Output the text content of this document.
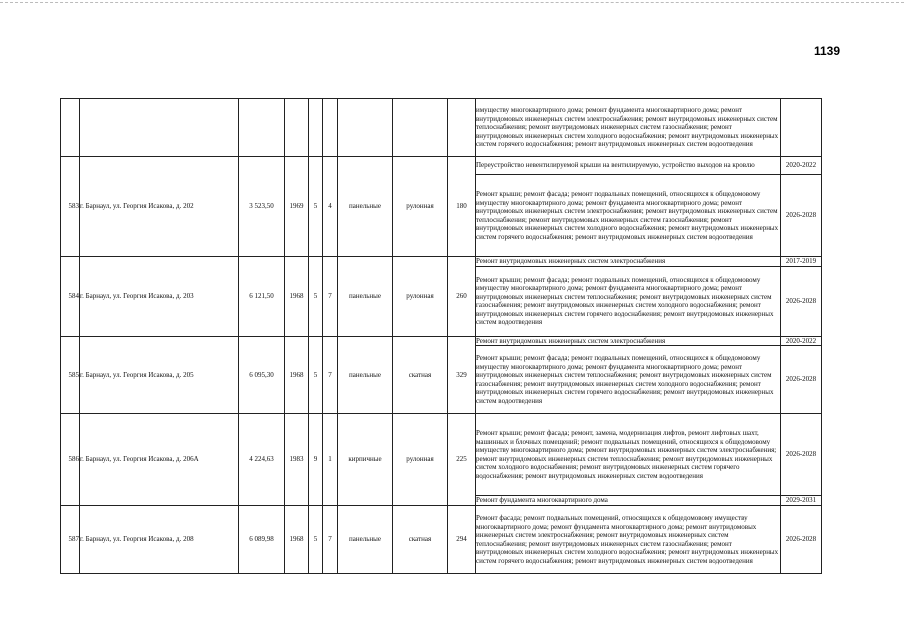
1139
									имуществу многоквартирного дома; ремонт фундамента многоквартирного дома; ремонт внутридомовых инженерных систем электроснабжения; ремонт внутридомовых инженерных систем теплоснабжения; ремонт внутридомовых инженерных систем газоснабжения; ремонт внутридомовых инженерных систем холодного водоснабжения; ремонт внутридомовых инженерных систем горячего водоснабжения; ремонт внутридомовых инженерных систем водоотведения	
583	г. Барнаул, ул. Георгия Исакова, д. 202	3 523,50	1969	5	4	панельные	рулонная	180	Переустройство невентилируемой крыши на вентилируемую, устройство выходов на кровлю	2020-2022
									Ремонт крыши; ремонт фасада; ремонт подвальных помещений, относящихся к общедомовому имуществу многоквартирного дома; ремонт фундамента многоквартирного дома; ремонт внутридомовых инженерных систем электроснабжения; ремонт внутридомовых инженерных систем теплоснабжения; ремонт внутридомовых инженерных систем газоснабжения; ремонт внутридомовых инженерных систем холодного водоснабжения; ремонт внутридомовых инженерных систем горячего водоснабжения; ремонт внутридомовых инженерных систем водоотведения	2026-2028
584	г. Барнаул, ул. Георгия Исакова, д. 203	6 121,50	1968	5	7	панельные	рулонная	260	Ремонт внутридомовых инженерных систем электроснабжения	2017-2019
									Ремонт крыши; ремонт фасада; ремонт подвальных помещений, относящихся к общедомовому имуществу многоквартирного дома; ремонт фундамента многоквартирного дома; ремонт внутридомовых инженерных систем теплоснабжения; ремонт внутридомовых инженерных систем газоснабжения; ремонт внутридомовых инженерных систем холодного водоснабжения; ремонт внутридомовых инженерных систем горячего водоснабжения; ремонт внутридомовых инженерных систем водоотведения	2026-2028
585	г. Барнаул, ул. Георгия Исакова, д. 205	6 095,30	1968	5	7	панельные	скатная	329	Ремонт внутридомовых инженерных систем электроснабжения	2020-2022
									Ремонт крыши; ремонт фасада; ремонт подвальных помещений, относящихся к общедомовому имуществу многоквартирного дома; ремонт фундамента многоквартирного дома; ремонт внутридомовых инженерных систем теплоснабжения; ремонт внутридомовых инженерных систем газоснабжения; ремонт внутридомовых инженерных систем холодного водоснабжения; ремонт внутридомовых инженерных систем горячего водоснабжения; ремонт внутридомовых инженерных систем водоотведения	2026-2028
586	г. Барнаул, ул. Георгия Исакова, д. 206А	4 224,63	1983	9	1	кирпичные	рулонная	225	Ремонт крыши; ремонт фасада; ремонт, замена, модернизация лифтов, ремонт лифтовых шахт, машинных и блочных помещений; ремонт подвальных помещений, относящихся к общедомовому имуществу многоквартирного дома; ремонт внутридомовых инженерных систем электроснабжения; ремонт внутридомовых инженерных систем теплоснабжения; ремонт внутридомовых инженерных систем холодного водоснабжения; ремонт внутридомовых инженерных систем горячего водоснабжения; ремонт внутридомовых инженерных систем водоотведения	2026-2028
									Ремонт фундамента многоквартирного дома	2029-2031
587	г. Барнаул, ул. Георгия Исакова, д. 208	6 089,98	1968	5	7	панельные	скатная	294	Ремонт фасада; ремонт подвальных помещений, относящихся к общедомовому имуществу многоквартирного дома; ремонт фундамента многоквартирного дома; ремонт внутридомовых инженерных систем электроснабжения; ремонт внутридомовых инженерных систем теплоснабжения; ремонт внутридомовых инженерных систем газоснабжения; ремонт внутридомовых инженерных систем холодного водоснабжения; ремонт внутридомовых инженерных систем горячего водоснабжения; ремонт внутридомовых инженерных систем водоотведения	2026-2028
